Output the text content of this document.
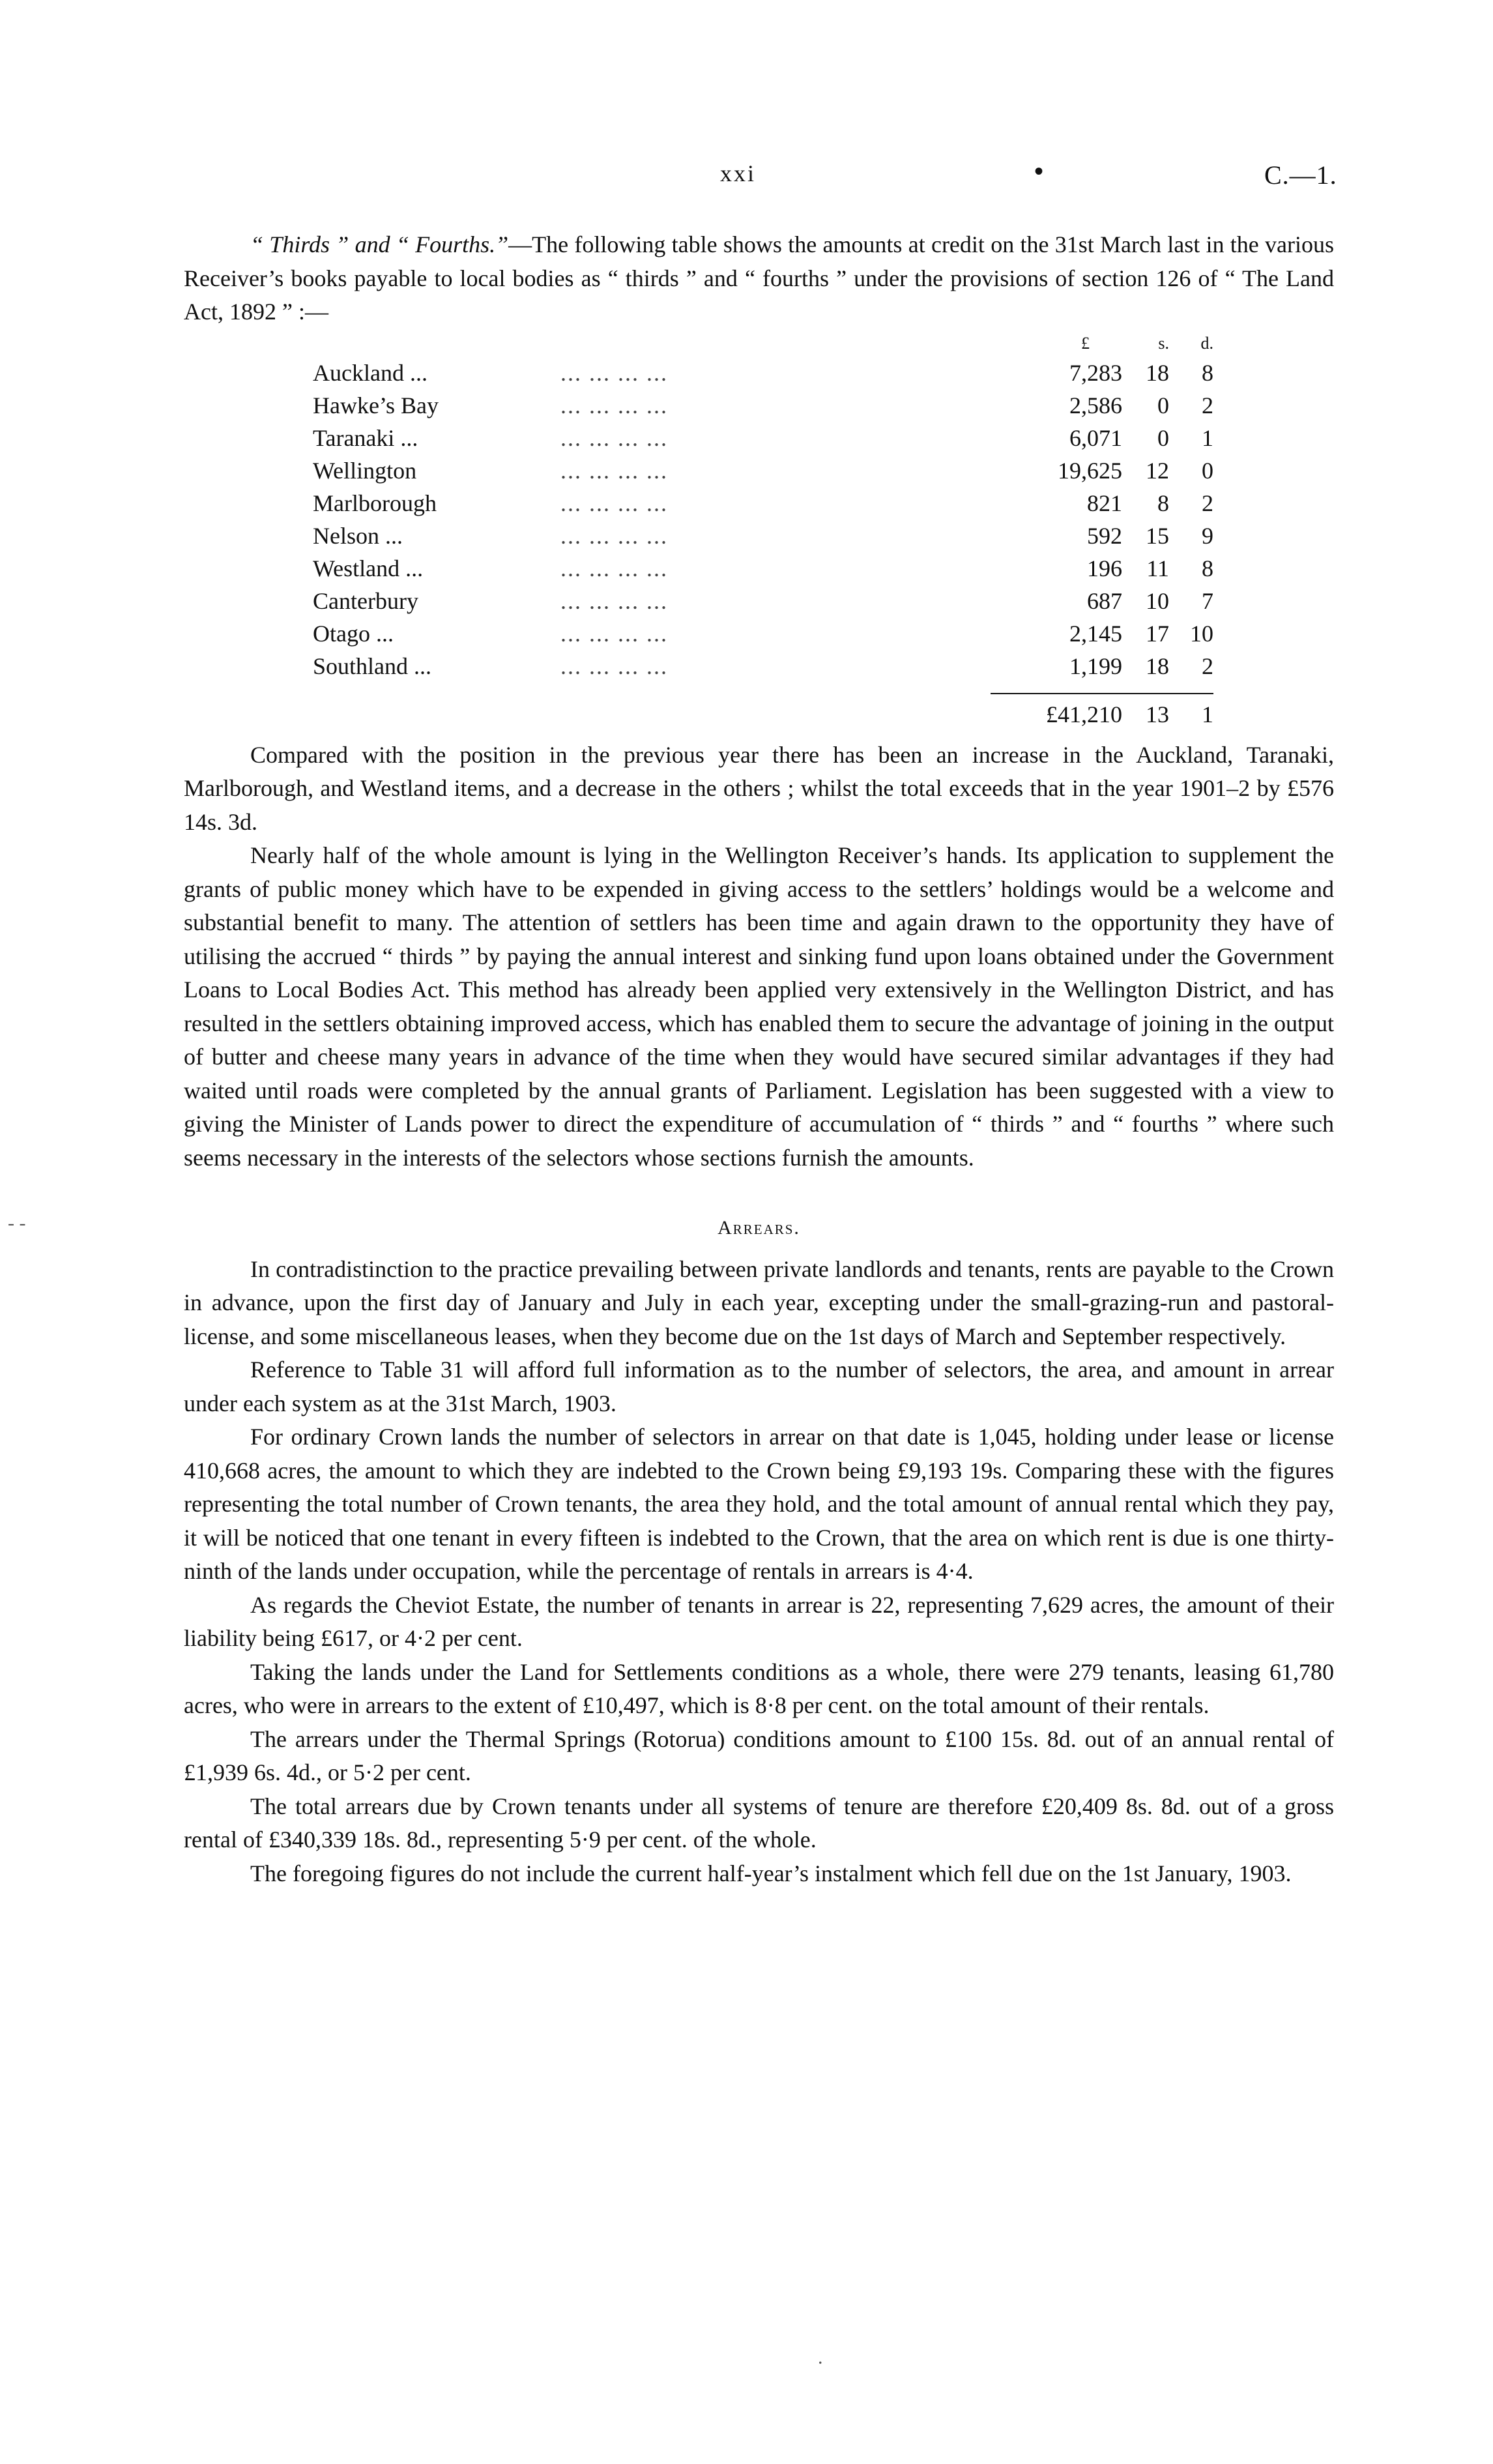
xxi	•	C.—1.

“ Thirds ” and “ Fourths.”—The following table shows the amounts at credit on the 31st March last in the various Receiver’s books payable to local bodies as “ thirds ” and “ fourths ” under the provisions of section 126 of “ The Land Act, 1892 ” :—

		£	s.	d.
Auckland ...	... ... ... ...	7,283	18	8
Hawke’s Bay	... ... ... ...	2,586	0	2
Taranaki ...	... ... ... ...	6,071	0	1
Wellington	... ... ... ...	19,625	12	0
Marlborough	... ... ... ...	821	8	2
Nelson ...	... ... ... ...	592	15	9
Westland ...	... ... ... ...	196	11	8
Canterbury	... ... ... ...	687	10	7
Otago ...	... ... ... ...	2,145	17	10
Southland ...	... ... ... ...	1,199	18	2

		£41,210	13	1

Compared with the position in the previous year there has been an increase in the Auckland, Taranaki, Marlborough, and Westland items, and a decrease in the others ; whilst the total exceeds that in the year 1901–2 by £576 14s. 3d.

Nearly half of the whole amount is lying in the Wellington Receiver’s hands. Its application to supplement the grants of public money which have to be expended in giving access to the settlers’ holdings would be a welcome and substantial benefit to many. The attention of settlers has been time and again drawn to the opportunity they have of utilising the accrued “ thirds ” by paying the annual interest and sinking fund upon loans obtained under the Government Loans to Local Bodies Act. This method has already been applied very extensively in the Wellington District, and has resulted in the settlers obtaining improved access, which has enabled them to secure the advantage of joining in the output of butter and cheese many years in advance of the time when they would have secured similar advantages if they had waited until roads were completed by the annual grants of Parliament. Legislation has been suggested with a view to giving the Minister of Lands power to direct the expenditure of accumulation of “ thirds ” and “ fourths ” where such seems necessary in the interests of the selectors whose sections furnish the amounts.

Arrears.

In contradistinction to the practice prevailing between private landlords and tenants, rents are payable to the Crown in advance, upon the first day of January and July in each year, excepting under the small-grazing-run and pastoral-license, and some miscellaneous leases, when they become due on the 1st days of March and September respectively.

Reference to Table 31 will afford full information as to the number of selectors, the area, and amount in arrear under each system as at the 31st March, 1903.

For ordinary Crown lands the number of selectors in arrear on that date is 1,045, holding under lease or license 410,668 acres, the amount to which they are indebted to the Crown being £9,193 19s. Comparing these with the figures representing the total number of Crown tenants, the area they hold, and the total amount of annual rental which they pay, it will be noticed that one tenant in every fifteen is indebted to the Crown, that the area on which rent is due is one thirty-ninth of the lands under occupation, while the percentage of rentals in arrears is 4·4.

As regards the Cheviot Estate, the number of tenants in arrear is 22, representing 7,629 acres, the amount of their liability being £617, or 4·2 per cent.

Taking the lands under the Land for Settlements conditions as a whole, there were 279 tenants, leasing 61,780 acres, who were in arrears to the extent of £10,497, which is 8·8 per cent. on the total amount of their rentals.

The arrears under the Thermal Springs (Rotorua) conditions amount to £100 15s. 8d. out of an annual rental of £1,939 6s. 4d., or 5·2 per cent.

The total arrears due by Crown tenants under all systems of tenure are therefore £20,409 8s. 8d. out of a gross rental of £340,339 18s. 8d., representing 5·9 per cent. of the whole.

The foregoing figures do not include the current half-year’s instalment which fell due on the 1st January, 1903.

‐ ‐
.
